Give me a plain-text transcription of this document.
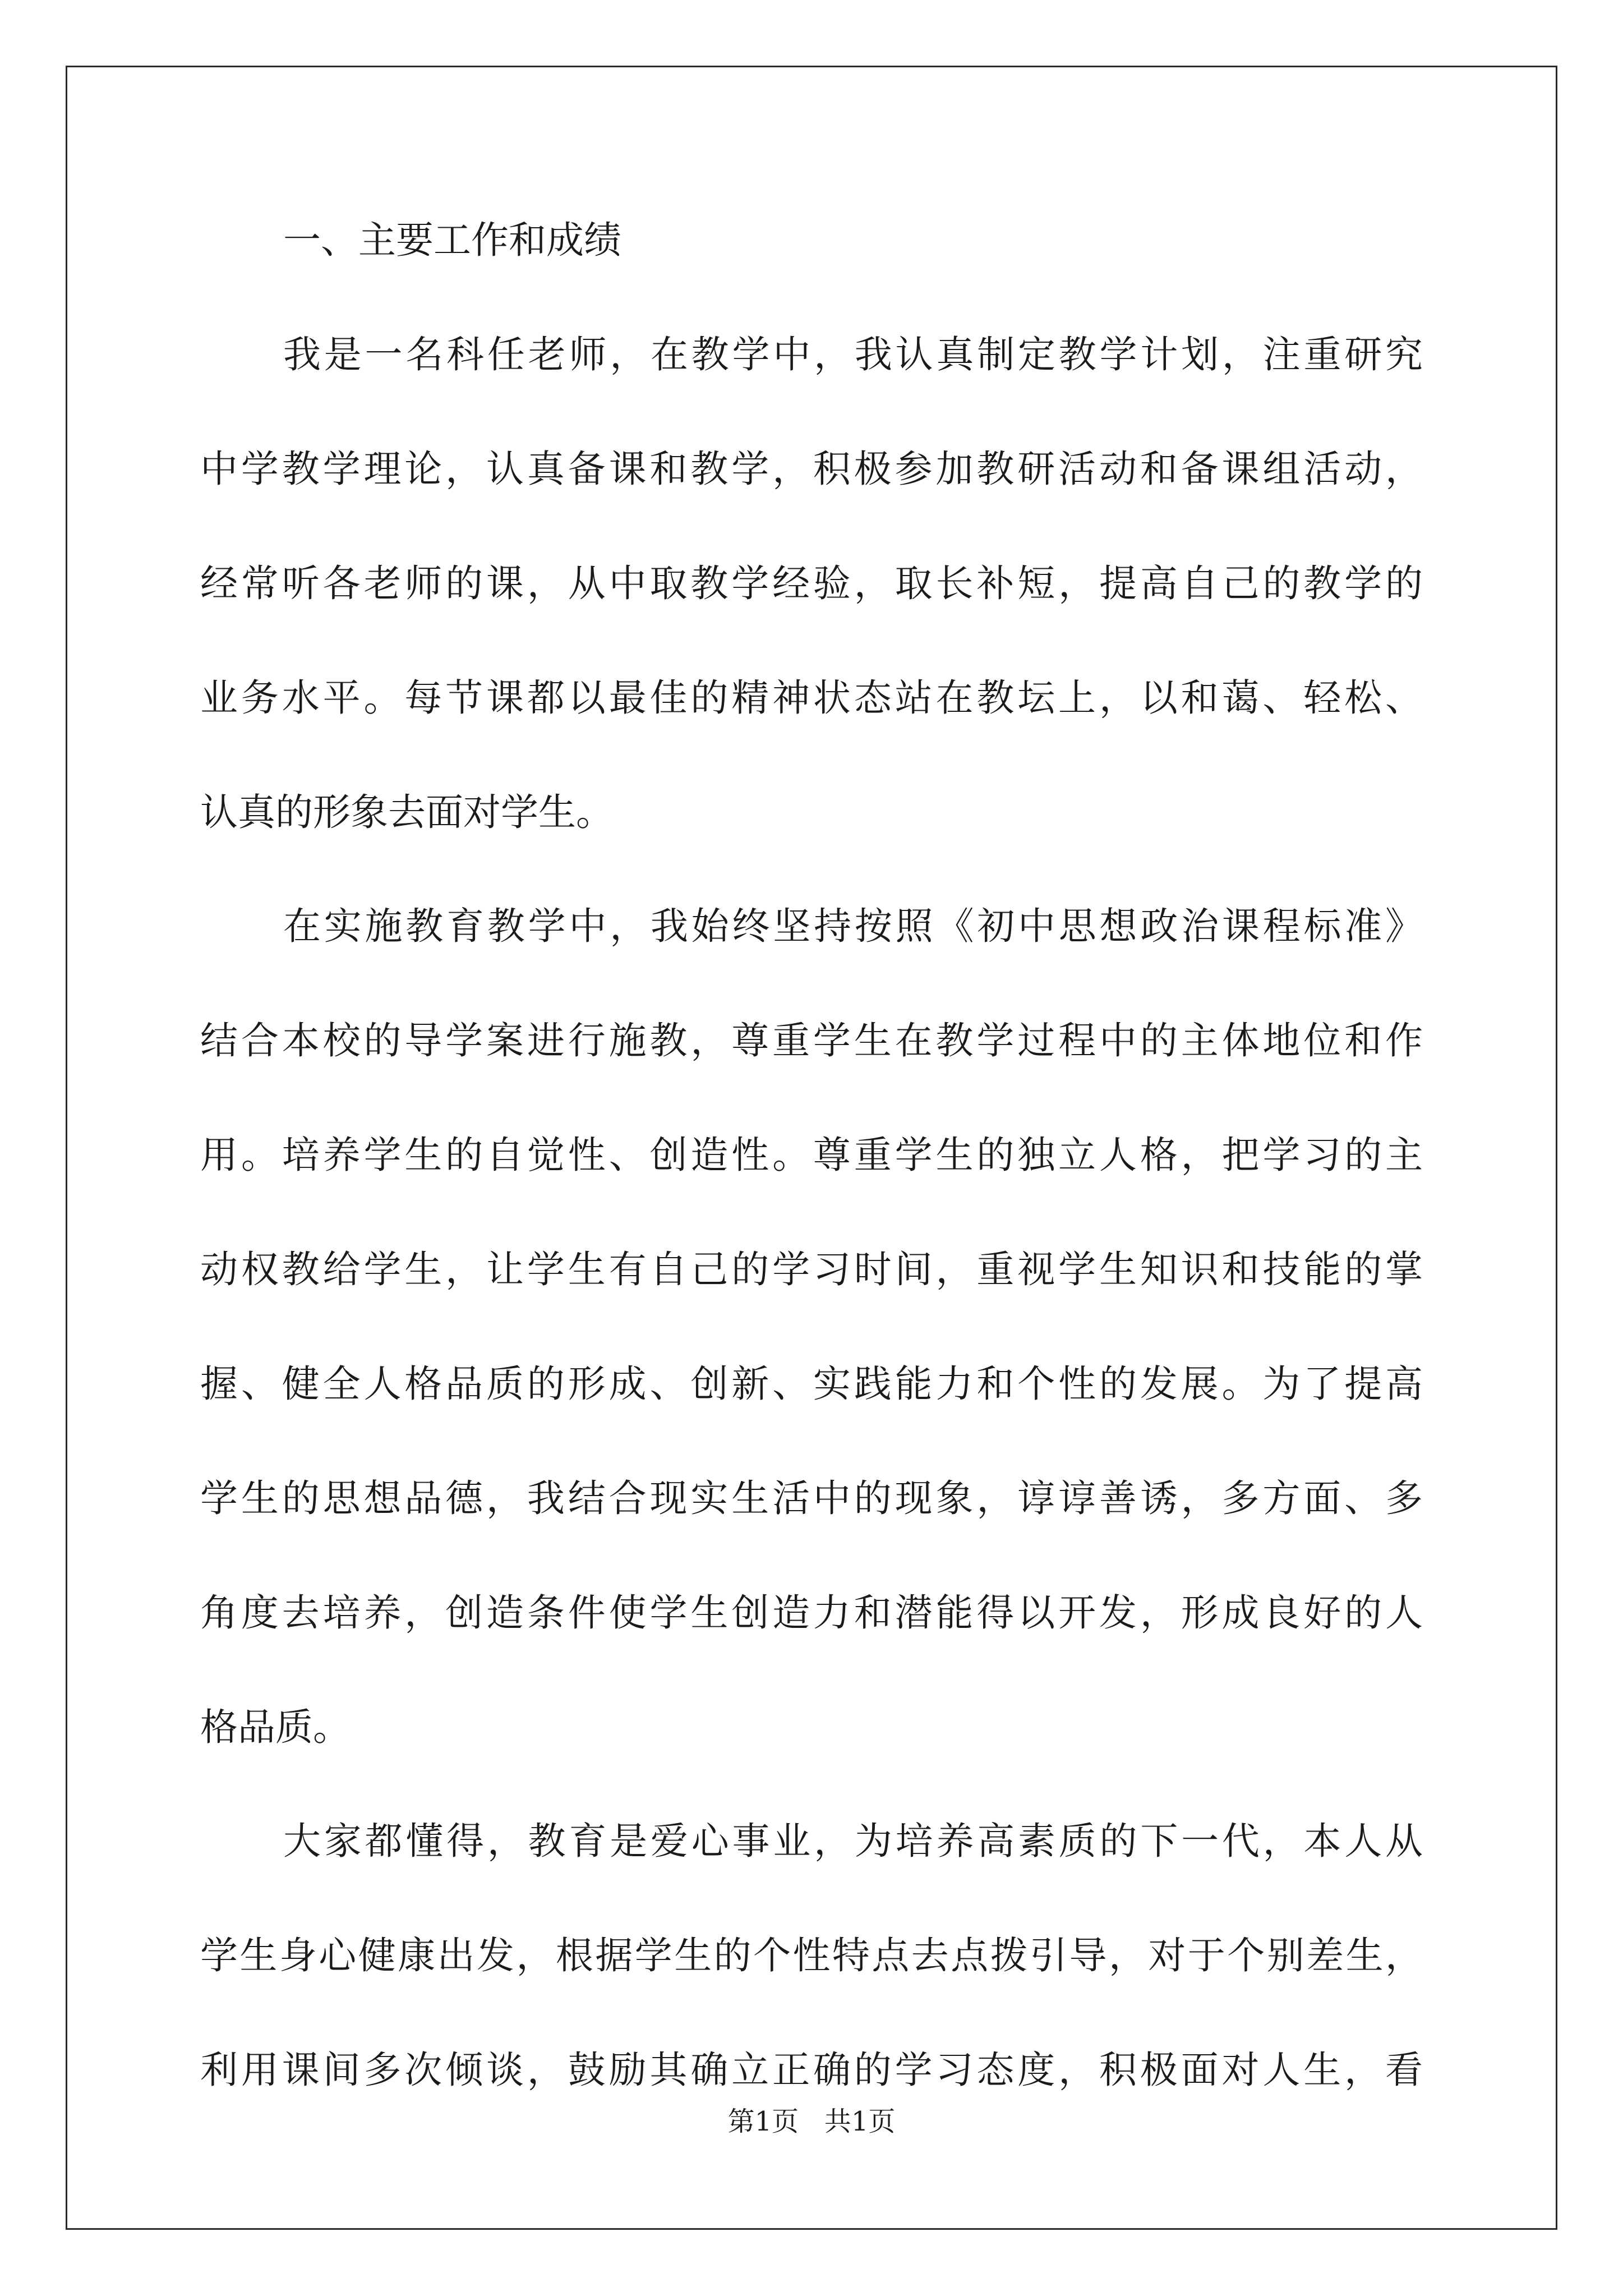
一、主要工作和成绩
我是一名科任老师，在教学中，我认真制定教学计划，注重研究
中学教学理论，认真备课和教学，积极参加教研活动和备课组活动，
经常听各老师的课，从中取教学经验，取长补短，提高自己的教学的
业务水平。每节课都以最佳的精神状态站在教坛上，以和蔼、轻松、
认真的形象去面对学生。
在实施教育教学中，我始终坚持按照《初中思想政治课程标准》
结合本校的导学案进行施教，尊重学生在教学过程中的主体地位和作
用。培养学生的自觉性、创造性。尊重学生的独立人格，把学习的主
动权教给学生，让学生有自己的学习时间，重视学生知识和技能的掌
握、健全人格品质的形成、创新、实践能力和个性的发展。为了提高
学生的思想品德，我结合现实生活中的现象，谆谆善诱，多方面、多
角度去培养，创造条件使学生创造力和潜能得以开发，形成良好的人
格品质。
大家都懂得，教育是爱心事业，为培养高素质的下一代，本人从
学生身心健康出发，根据学生的个性特点去点拨引导，对于个别差生，
利用课间多次倾谈，鼓励其确立正确的学习态度，积极面对人生，看
第1页   共1页
